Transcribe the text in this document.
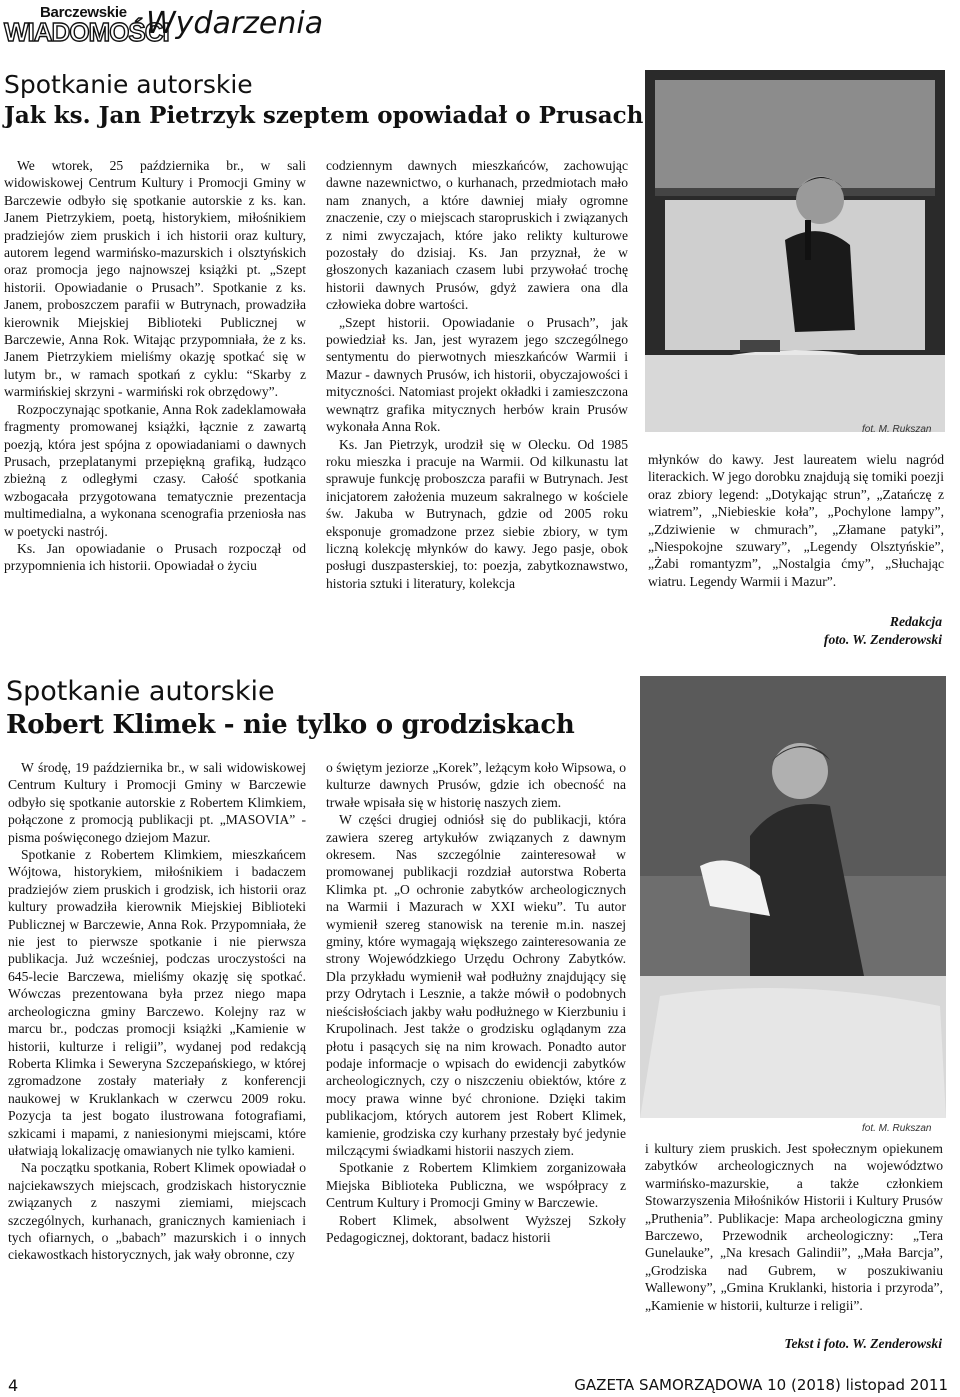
Barczewskie
WIADOMOŚCI
Wydarzenia
Spotkanie autorskie
Jak ks. Jan Pietrzyk szeptem opowiadał o Prusach

We wtorek, 25 października br., w sali widowiskowej Centrum Kultury i Promocji Gminy w Barczewie odbyło się spotkanie autorskie z ks. kan. Janem Pietrzykiem, poetą, historykiem, miłośnikiem pradziejów ziem pruskich i ich historii oraz kultury, autorem legend warmińsko-mazurskich i olsztyńskich oraz promocja jego najnowszej książki pt. „Szept historii. Opowiadanie o Prusach”. Spotkanie z ks. Janem, proboszczem parafii w Butrynach, prowadziła kierownik Miejskiej Biblioteki Publicznej w Barczewie, Anna Rok. Witając przypomniała, że z ks. Janem Pietrzykiem mieliśmy okazję spotkać się w lutym br., w ramach spotkań z cyklu: “Skarby z warmińskiej skrzyni - warmiński rok obrzędowy”.

Rozpoczynając spotkanie, Anna Rok zadeklamowała fragmenty promowanej książki, łącznie z zawartą poezją, która jest spójna z opowiadaniami o dawnych Prusach, przeplatanymi przepiękną grafiką, łudząco zbieżną z odległymi czasy. Całość spotkania wzbogacała przygotowana tematycznie prezentacja multimedialna, a wykonana scenografia przeniosła nas w poetycki nastrój.

Ks. Jan opowiadanie o Prusach rozpoczął od przypomnienia ich historii. Opowiadał o życiu

codziennym dawnych mieszkańców, zachowując dawne nazewnictwo, o kurhanach, przedmiotach mało nam znanych, a które dawniej miały ogromne znaczenie, czy o miejscach staropruskich i związanych z nimi zwyczajach, które jako relikty kulturowe pozostały do dzisiaj. Ks. Jan przyznał, że w głoszonych kazaniach czasem lubi przywołać trochę historii dawnych Prusów, gdyż zawiera ona dla człowieka dobre wartości.

„Szept historii. Opowiadanie o Prusach”, jak powiedział ks. Jan, jest wyrazem jego szczególnego sentymentu do pierwotnych mieszkańców Warmii i Mazur - dawnych Prusów, ich historii, obyczajowości i mityczności. Natomiast projekt okładki i zamieszczona wewnątrz grafika mitycznych herbów krain Prusów wykonała Anna Rok.

Ks. Jan Pietrzyk, urodził się w Olecku. Od 1985 roku mieszka i pracuje na Warmii. Od kilkunastu lat sprawuje funkcję proboszcza parafii w Butrynach. Jest inicjatorem założenia muzeum sakralnego w kościele św. Jakuba w Butrynach, gdzie od 2005 roku eksponuje gromadzone przez siebie zbiory, w tym liczną kolekcję młynków do kawy. Jego pasje, obok posługi duszpasterskiej, to: poezja, zabytkoznawstwo, historia sztuki i literatury, kolekcja

fot. M. Rukszan

młynków do kawy. Jest laureatem wielu nagród literackich. W jego dorobku znajdują się tomiki poezji oraz zbiory legend: „Dotykając strun”, „Zatańczę z wiatrem”, „Niebieskie koła”, „Pochylone lampy”, „Zdziwienie w chmurach”, „Złamane patyki”, „Niespokojne szuwary”, „Legendy Olsztyńskie”, „Żabi romantyzm”, „Nostalgia ćmy”, „Słuchając wiatru. Legendy Warmii i Mazur”.

Redakcja
foto. W. Zenderowski
Spotkanie autorskie
Robert Klimek - nie tylko o grodziskach
fot. M. Rukszan

W środę, 19 października br., w sali widowiskowej Centrum Kultury i Promocji Gminy w Barczewie odbyło się spotkanie autorskie z Robertem Klimkiem, połączone z promocją publikacji pt. „MASOVIA” - pisma poświęconego dziejom Mazur.

Spotkanie z Robertem Klimkiem, mieszkańcem Wójtowa, historykiem, miłośnikiem i badaczem pradziejów ziem pruskich i grodzisk, ich historii oraz kultury prowadziła kierownik Miejskiej Biblioteki Publicznej w Barczewie, Anna Rok. Przypomniała, że nie jest to pierwsze spotkanie i nie pierwsza publikacja. Już wcześniej, podczas uroczystości na 645-lecie Barczewa, mieliśmy okazję się spotkać. Wówczas prezentowana była przez niego mapa archeologiczna gminy Barczewo. Kolejny raz w marcu br., podczas promocji książki „Kamienie w historii, kulturze i religii”, wydanej pod redakcją Roberta Klimka i Seweryna Szczepańskiego, w której zgromadzone zostały materiały z konferencji naukowej w Kruklankach w czerwcu 2009 roku. Pozycja ta jest bogato ilustrowana fotografiami, szkicami i mapami, z naniesionymi miejscami, które ułatwiają lokalizację omawianych nie tylko kamieni.

Na początku spotkania, Robert Klimek opowiadał o najciekawszych miejscach, grodziskach historycznie związanych z naszymi ziemiami, miejscach szczególnych, kurhanach, granicznych kamieniach i tych ofiarnych, o „babach” mazurskich i o innych ciekawostkach historycznych, jak wały obronne, czy

o świętym jeziorze „Korek”, leżącym koło Wipsowa, o kulturze dawnych Prusów, gdzie ich obecność na trwałe wpisała się w historię naszych ziem.

W części drugiej odniósł się do publikacji, która zawiera szereg artykułów związanych z dawnym okresem. Nas szczególnie zainteresował w promowanej publikacji rozdział autorstwa Roberta Klimka pt. „O ochronie zabytków archeologicznych na Warmii i Mazurach w XXI wieku”. Tu autor wymienił szereg stanowisk na terenie m.in. naszej gminy, które wymagają większego zainteresowania ze strony Wojewódzkiego Urzędu Ochrony Zabytków. Dla przykładu wymienił wał podłużny znajdujący się przy Odrytach i Lesznie, a także mówił o podobnych nieścisłościach jakby wału podłużnego w Kierzbuniu i Krupolinach. Jest także o grodzisku oglądanym zza płotu i pasących się na nim krowach. Ponadto autor podaje informacje o wpisach do ewidencji zabytków archeologicznych, czy o niszczeniu obiektów, które z mocy prawa winne być chronione. Dzięki takim publikacjom, których autorem jest Robert Klimek, kamienie, grodziska czy kurhany przestały być jedynie milczącymi świadkami historii naszych ziem.

Spotkanie z Robertem Klimkiem zorganizowała Miejska Biblioteka Publiczna, we współpracy z Centrum Kultury i Promocji Gminy w Barczewie.

Robert Klimek, absolwent Wyższej Szkoły Pedagogicznej, doktorant, badacz historii

i kultury ziem pruskich. Jest społecznym opiekunem zabytków archeologicznych na województwo warmińsko-mazurskie, a także członkiem Stowarzyszenia Miłośników Historii i Kultury Prusów „Pruthenia”. Publikacje: Mapa archeologiczna gminy Barczewo, Przewodnik archeologiczny: „Tera Gunelauke”, „Na kresach Galindii”, „Mała Barcja”, „Grodziska nad Gubrem, w poszukiwaniu Wallewony”, „Gmina Kruklanki, historia i przyroda”, „Kamienie w historii, kulturze i religii”.

Tekst i foto. W. Zenderowski
4	GAZETA SAMORZĄDOWA 10 (2018) listopad 2011
